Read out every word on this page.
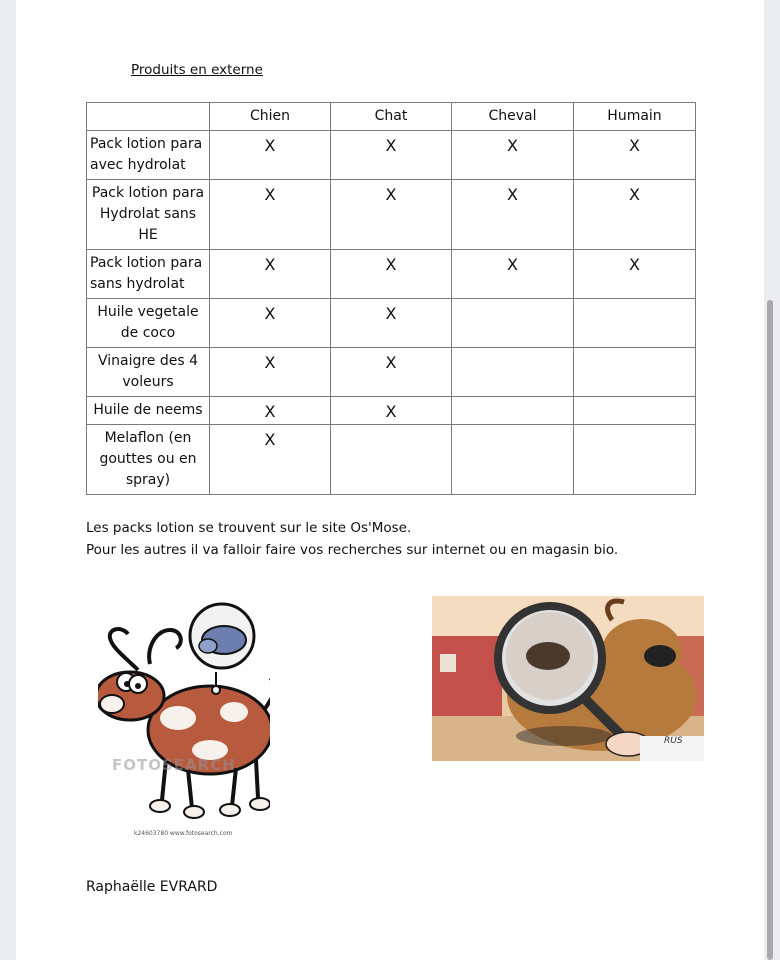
Produits en externe
	Chien	Chat	Cheval	Humain
Pack lotion para avec hydrolat	X	X	X	X
Pack lotion para Hydrolat sans HE	X	X	X	X
Pack lotion para sans hydrolat	X	X	X	X
Huile vegetale de coco	X	X		
Vinaigre des 4 voleurs	X	X		
Huile de neems	X	X		
Melaflon (en gouttes ou en spray)	X			
Les packs lotion se trouvent sur le site Os'Mose.
Pour les autres il va falloir faire vos recherches sur internet ou en magasin bio.
FOTOSEARCH
k24603780 www.fotosearch.com
RUS
Raphaëlle EVRARD
